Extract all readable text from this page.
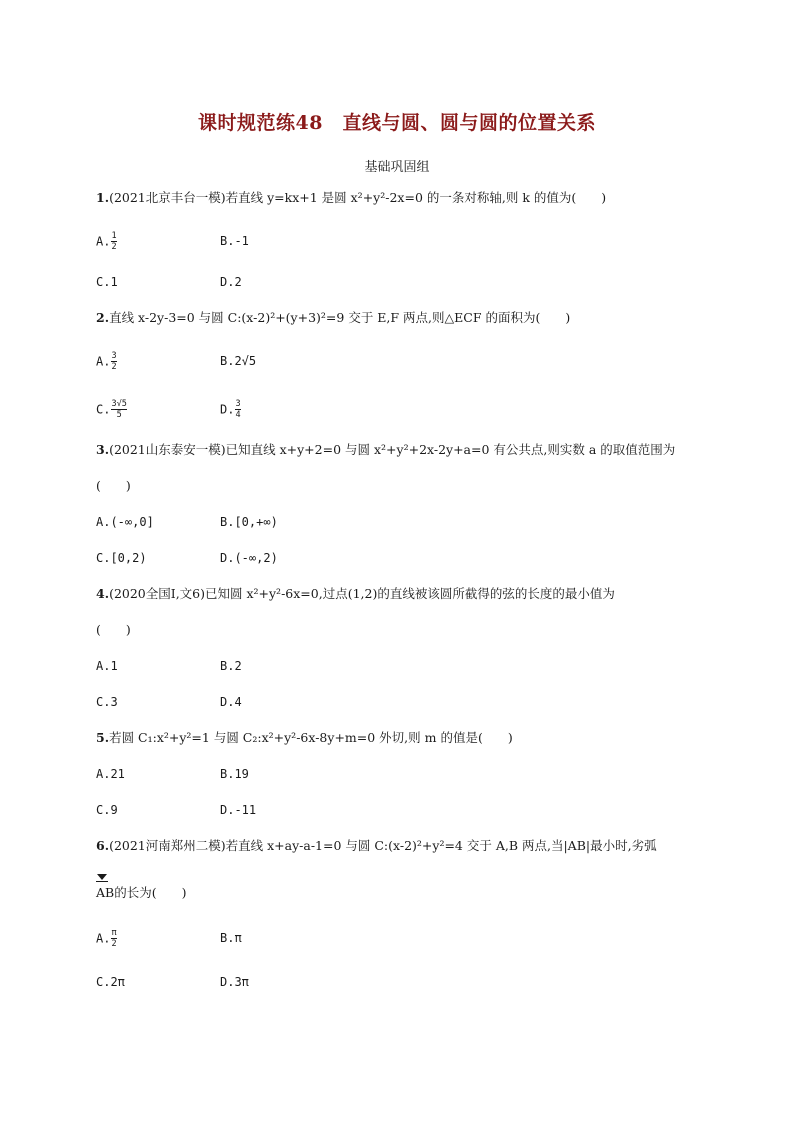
课时规范练48　直线与圆、圆与圆的位置关系
基础巩固组
1.(2021北京丰台一模)若直线 y=kx+1 是圆 x²+y²-2x=0 的一条对称轴,则 k 的值为(　　)
A. $\frac{1}{2}$	B.-1
C.1	D.2
2.直线 x-2y-3=0 与圆 C:(x-2)²+(y+3)²=9 交于 E,F 两点,则△ECF 的面积为(　　)
A. $\frac{3}{2}$	B.2√5
C. $\frac{3√5}{5}$	D. $\frac{3}{4}$
3.(2021山东泰安一模)已知直线 x+y+2=0 与圆 x²+y²+2x-2y+a=0 有公共点,则实数 a 的取值范围为
(　　)
A.(-∞,0]	B.[0,+∞)
C.[0,2)	D.(-∞,2)
4.(2020全国Ⅰ,文6)已知圆 x²+y²-6x=0,过点(1,2)的直线被该圆所截得的弦的长度的最小值为
(　　)
A.1	B.2
C.3	D.4
5.若圆 C₁:x²+y²=1 与圆 C₂:x²+y²-6x-8y+m=0 外切,则 m 的值是(　　)
A.21	B.19
C.9	D.-11
6.(2021河南郑州二模)若直线 x+ay-a-1=0 与圆 C:(x-2)²+y²=4 交于 A,B 两点,当|AB|最小时,劣弧
AB的长为(　　)
A. $\frac{\pi}{2}$	B.π
C.2π	D.3π
